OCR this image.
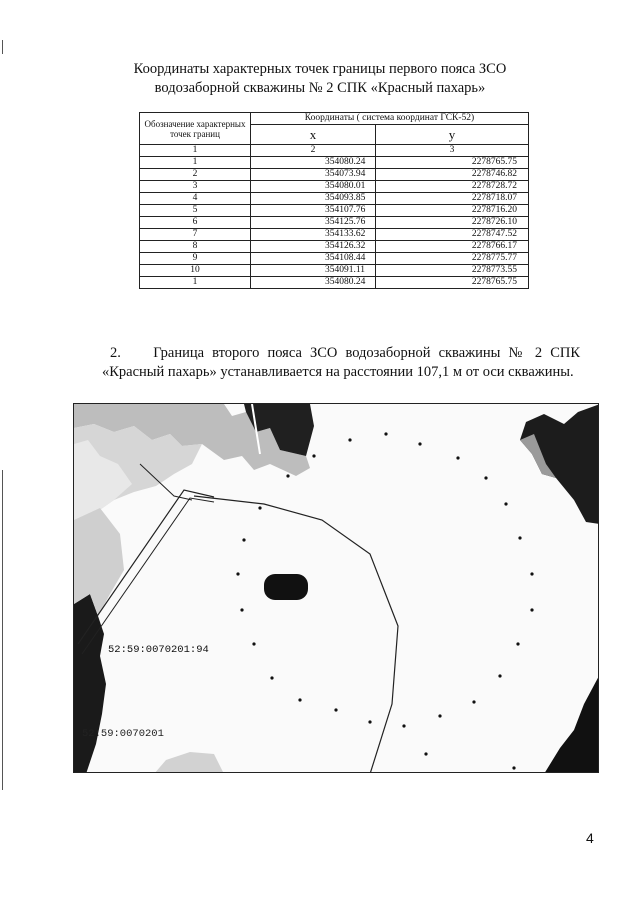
Координаты характерных точек границы первого пояса ЗСО
водозаборной скважины № 2 СПК «Красный пахарь»
Обозначение характерных точек границ	Координаты ( система координат ГСК-52)	
	x	y
1	2	3
1	354080.24	2278765.75
2	354073.94	2278746.82
3	354080.01	2278728.72
4	354093.85	2278718.07
5	354107.76	2278716.20
6	354125.76	2278726.10
7	354133.62	2278747.52
8	354126.32	2278766.17
9	354108.44	2278775.77
10	354091.11	2278773.55
1	354080.24	2278765.75
2. Граница второго пояса ЗСО водозаборной скважины № 2 СПК
«Красный пахарь» устанавливается на расстоянии 107,1 м от оси скважины.
52:59:0070201:94
52:59:0070201
4
